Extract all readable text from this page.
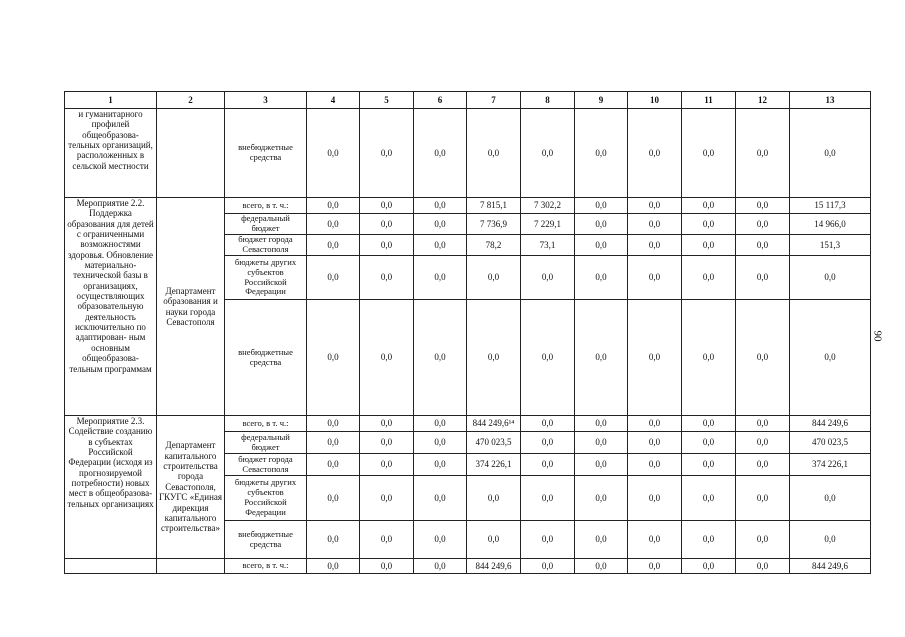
1	2	3	4	5	6	7	8	9	10	11	12	13
и гуманитарного профилей общеобразова- тельных организаций, расположенных в сельской местности		внебюджетные средства	0,0	0,0	0,0	0,0	0,0	0,0	0,0	0,0	0,0	0,0
Мероприятие 2.2. Поддержка образования для детей с ограниченными возможностями здоровья. Обновление материально- технической базы в организациях, осуществляющих образовательную деятельность исключительно по адаптирован- ным основным общеобразова- тельным программам	Департамент образования и науки города Севастополя	всего, в т. ч.:	0,0	0,0	0,0	7 815,1	7 302,2	0,0	0,0	0,0	0,0	15 117,3
		федеральный бюджет	0,0	0,0	0,0	7 736,9	7 229,1	0,0	0,0	0,0	0,0	14 966,0
		бюджет города Севастополя	0,0	0,0	0,0	78,2	73,1	0,0	0,0	0,0	0,0	151,3
		бюджеты других субъектов Российской Федерации	0,0	0,0	0,0	0,0	0,0	0,0	0,0	0,0	0,0	0,0
		внебюджетные средства	0,0	0,0	0,0	0,0	0,0	0,0	0,0	0,0	0,0	0,0
Мероприятие 2.3. Содействие созданию в субъектах Российской Федерации (исходя из прогнозируемой потребности) новых мест в общеобразова- тельных организациях	Департамент капитального строительства города Севастополя, ГКУГС «Единая дирекция капитального строительства»	всего, в т. ч.:	0,0	0,0	0,0	844 249,6¹⁴	0,0	0,0	0,0	0,0	0,0	844 249,6
		федеральный бюджет	0,0	0,0	0,0	470 023,5	0,0	0,0	0,0	0,0	0,0	470 023,5
		бюджет города Севастополя	0,0	0,0	0,0	374 226,1	0,0	0,0	0,0	0,0	0,0	374 226,1
		бюджеты других субъектов Российской Федерации	0,0	0,0	0,0	0,0	0,0	0,0	0,0	0,0	0,0	0,0
		внебюджетные средства	0,0	0,0	0,0	0,0	0,0	0,0	0,0	0,0	0,0	0,0
		всего, в т. ч.:	0,0	0,0	0,0	844 249,6	0,0	0,0	0,0	0,0	0,0	844 249,6
90
